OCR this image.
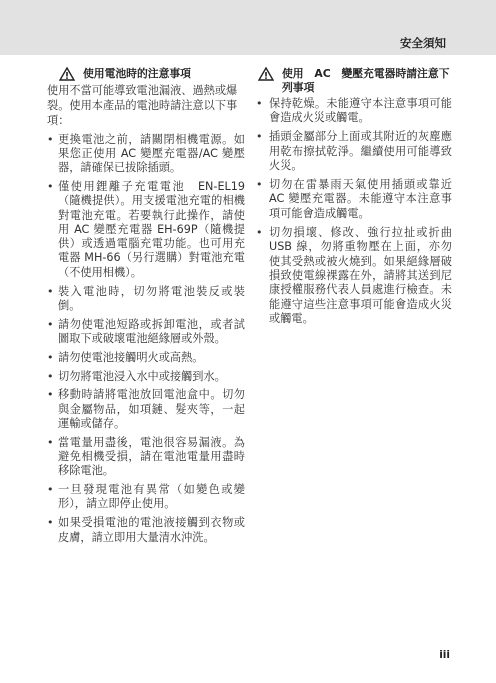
安全須知
使用電池時的注意事項

使用不當可能導致電池漏液、過熱或爆裂。使用本產品的電池時請注意以下事項：

• 更換電池之前，請關閉相機電源。如果您正使用 AC 變壓充電器/AC 變壓器，請確保已拔除插頭。
• 僅使用鋰離子充電電池　EN-EL19（隨機提供）。用支援電池充電的相機對電池充電。若要執行此操作，請使用 AC 變壓充電器 EH-69P（隨機提供）或透過電腦充電功能。也可用充電器 MH-66（另行選購）對電池充電（不使用相機）。
• 裝入電池時，切勿將電池裝反或裝倒。
• 請勿使電池短路或拆卸電池，或者試圖取下或破壞電池絕緣層或外殼。
• 請勿使電池接觸明火或高熱。
• 切勿將電池浸入水中或接觸到水。
• 移動時請將電池放回電池盒中。切勿與金屬物品，如項鏈、髮夾等，一起運輸或儲存。
• 當電量用盡後，電池很容易漏液。為避免相機受損，請在電池電量用盡時移除電池。
• 一旦發現電池有異常（如變色或變形），請立即停止使用。
• 如果受損電池的電池液接觸到衣物或皮膚，請立即用大量清水沖洗。
使用　AC　變壓充電器時請注意下列事項
• 保持乾燥。未能遵守本注意事項可能會造成火災或觸電。
• 插頭金屬部分上面或其附近的灰塵應用乾布擦拭乾淨。繼續使用可能導致火災。
• 切勿在雷暴雨天氣使用插頭或靠近 AC 變壓充電器。未能遵守本注意事項可能會造成觸電。
• 切勿損壞、修改、強行拉扯或折曲 USB 線，勿將重物壓在上面，亦勿使其受熱或被火燒到。如果絕緣層破損致使電線裸露在外，請將其送到尼康授權服務代表人員處進行檢查。未能遵守這些注意事項可能會造成火災或觸電。
iii
